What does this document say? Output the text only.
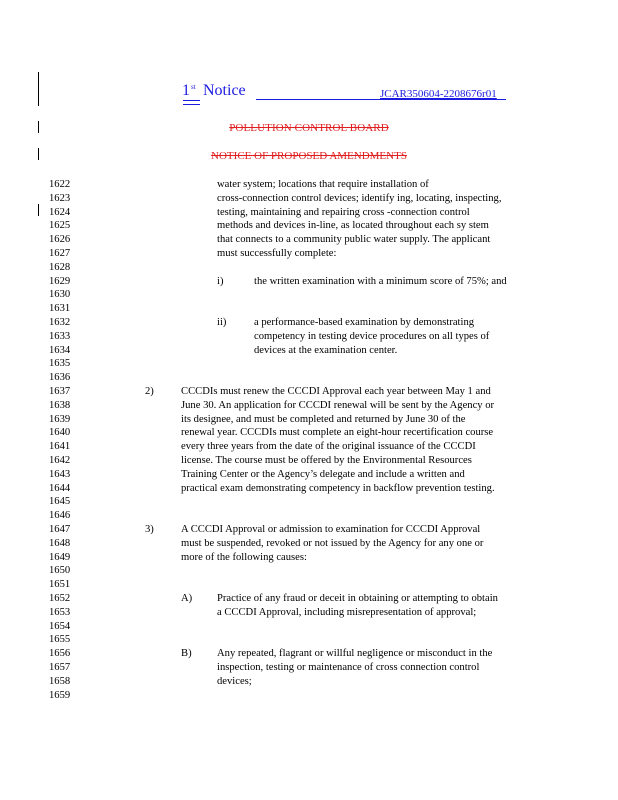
1st Notice	JCAR350604-2208676r01
POLLUTION CONTROL BOARD
NOTICE OF PROPOSED AMENDMENTS
1622
1623
1624
1625
1626
1627
1628
1629
1630
1631
1632
1633
1634
1635
1636
1637
1638
1639
1640
1641
1642
1643
1644
1645
1646
1647
1648
1649
1650
1651
1652
1653
1654
1655
1656
1657
1658
1659
water system; locations that require installation of
cross-connection control devices; identify ing, locating, inspecting,
testing, maintaining and repairing cross -connection control
methods and devices in-line, as located throughout each sy stem
that connects to a community public water supply. The applicant
must successfully complete:
i)	the written examination with a minimum score of 75%; and
ii)	a performance-based examination by demonstrating
competency in testing device procedures on all types of
devices at the examination center.
2)	CCCDIs must renew the CCCDI Approval each year between May 1 and
June 30. An application for CCCDI renewal will be sent by the Agency or
its designee, and must be completed and returned by June 30 of the
renewal year. CCCDIs must complete an eight-hour recertification course
every three years from the date of the original issuance of the CCCDI
license. The course must be offered by the Environmental Resources
Training Center or the Agency’s delegate and include a written and
practical exam demonstrating competency in backflow prevention testing.
3)	A CCCDI Approval or admission to examination for CCCDI Approval
must be suspended, revoked or not issued by the Agency for any one or
more of the following causes:
A) Practice of any fraud or deceit in obtaining or attempting to obtain
a CCCDI Approval, including misrepresentation of approval;
B) Any repeated, flagrant or willful negligence or misconduct in the
inspection, testing or maintenance of cross connection control
devices;
